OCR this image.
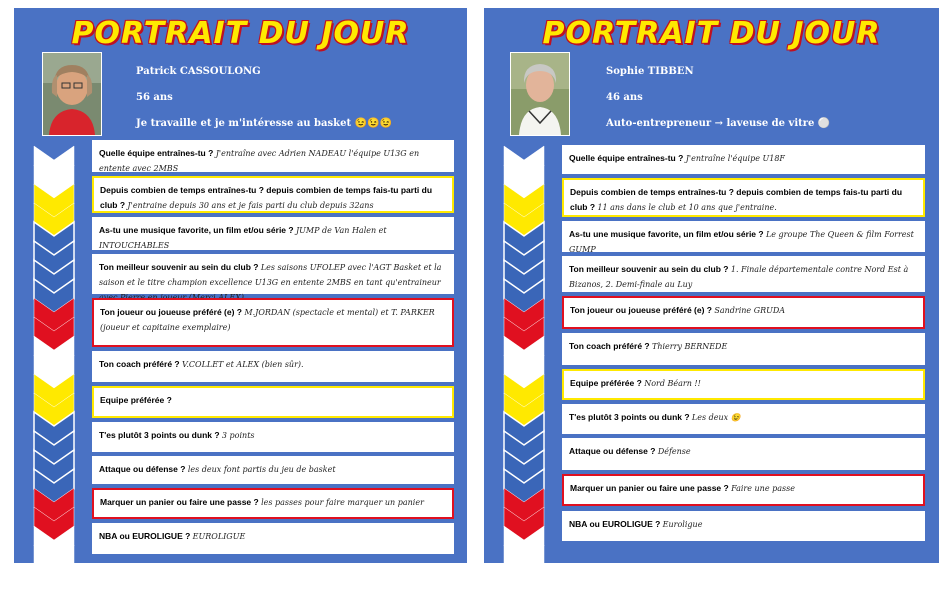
PORTRAIT DU JOUR
Patrick CASSOULONG
56 ans
Je travaille et je m'intéresse au basket 😉😉😉
Quelle équipe entraînes-tu ? J'entraîne avec Adrien NADEAU l'équipe U13G en entente avec 2MBS
Depuis combien de temps entraînes-tu ? depuis combien de temps fais-tu parti du club ? J'entraine depuis 30 ans et je fais parti du club depuis 32ans
As-tu une musique favorite, un film et/ou série ? JUMP de Van Halen et INTOUCHABLES
Ton meilleur souvenir au sein du club ? Les saisons UFOLEP avec l'AGT Basket et la saison et le titre champion excellence U13G en entente 2MBS en tant qu'entraineur
Ton joueur ou joueuse préféré (e) ? M.JORDAN (spectacle et mental) et T. PARKER (joueur et capitaine exemplaire)
Ton coach préféré ? V.COLLET et ALEX (bien sûr).
Equipe préférée ?
T'es plutôt 3 points ou dunk ? 3 points
Attaque ou défense ? les deux font partis du jeu de basket
Marquer un panier ou faire une passe ? les passes pour faire marquer un panier
NBA ou EUROLIGUE ? EUROLIGUE
PORTRAIT DU JOUR
Sophie TIBBEN
46 ans
Auto-entrepreneur → laveuse de vitre ⚪
Quelle équipe entraînes-tu ? J'entraîne l'équipe U18F
Depuis combien de temps entraînes-tu ? depuis combien de temps fais-tu parti du club ? 11 ans dans le club et 10 ans que j'entraine.
As-tu une musique favorite, un film et/ou série ? Le groupe The Queen & film Forrest GUMP
Ton meilleur souvenir au sein du club ? 1. Finale départementale contre Nord Est à Bizanos, 2. Demi-finale au Luy
Ton joueur ou joueuse préféré (e) ? Sandrine GRUDA
Ton coach préféré ? Thierry BERNEDE
Equipe préférée ? Nord Béarn !!
T'es plutôt 3 points ou dunk ? Les deux 😉
Attaque ou défense ? Défense
Marquer un panier ou faire une passe ? Faire une passe
NBA ou EUROLIGUE ? Euroligue
